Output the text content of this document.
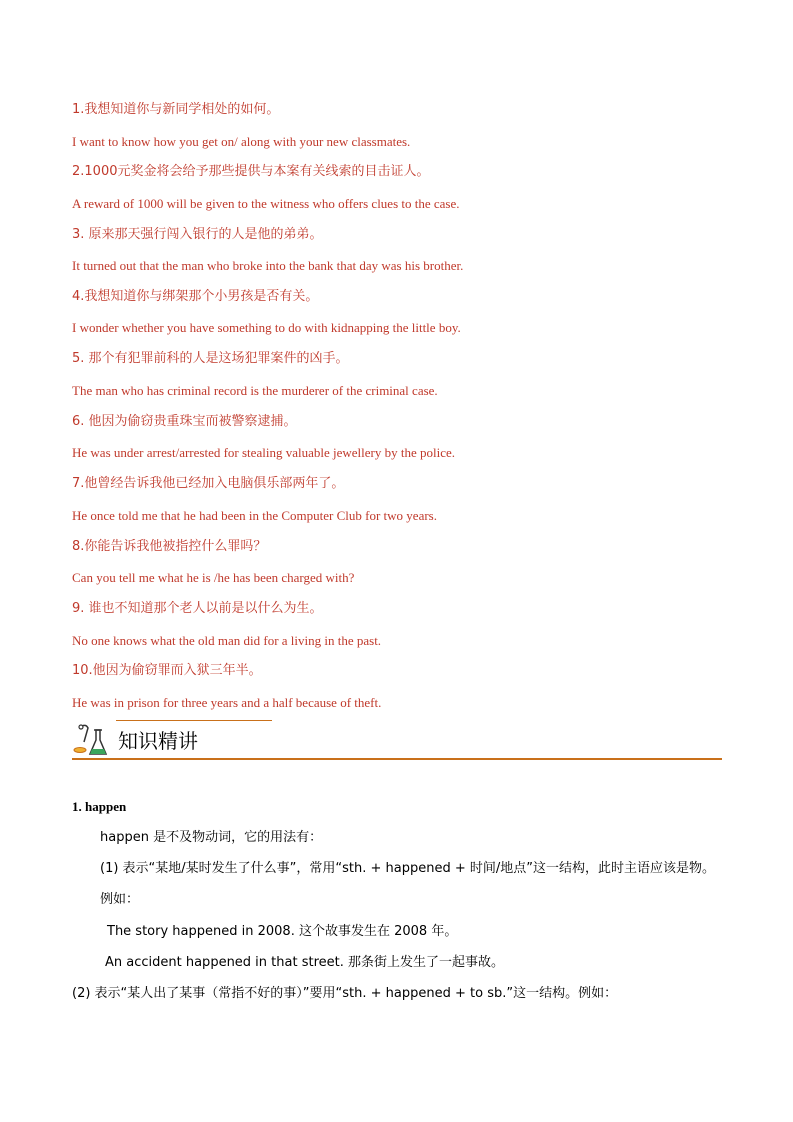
1.我想知道你与新同学相处的如何。
I want to know how you get on/ along with your new classmates.
2.1000元奖金将会给予那些提供与本案有关线索的目击证人。
A reward of 1000 will be given to the witness who offers clues to the case.
3. 原来那天强行闯入银行的人是他的弟弟。
It turned out that the man who broke into the bank that day was his brother.
4.我想知道你与绑架那个小男孩是否有关。
I wonder whether you have something to do with kidnapping the little boy.
5. 那个有犯罪前科的人是这场犯罪案件的凶手。
The man who has criminal record is the murderer of the criminal case.
6. 他因为偷窃贵重珠宝而被警察逮捕。
He was under arrest/arrested for stealing valuable jewellery by the police.
7.他曾经告诉我他已经加入电脑俱乐部两年了。
He once told me that he had been in the Computer Club for two years.
8.你能告诉我他被指控什么罪吗？
Can you tell me what he is /he has been charged with?
9. 谁也不知道那个老人以前是以什么为生。
No one knows what the old man did for a living in the past.
10.他因为偷窃罪而入狱三年半。
He was in prison for three years and a half because of theft.
知识精讲
1. happen
happen 是不及物动词，它的用法有：
(1) 表示“某地/某时发生了什么事”，常用“sth. + happened + 时间/地点”这一结构，此时主语应该是物。
例如：
The story happened in 2008. 这个故事发生在 2008 年。
An accident happened in that street. 那条街上发生了一起事故。
(2) 表示“某人出了某事（常指不好的事）”要用“sth. + happened + to sb.”这一结构。例如：
